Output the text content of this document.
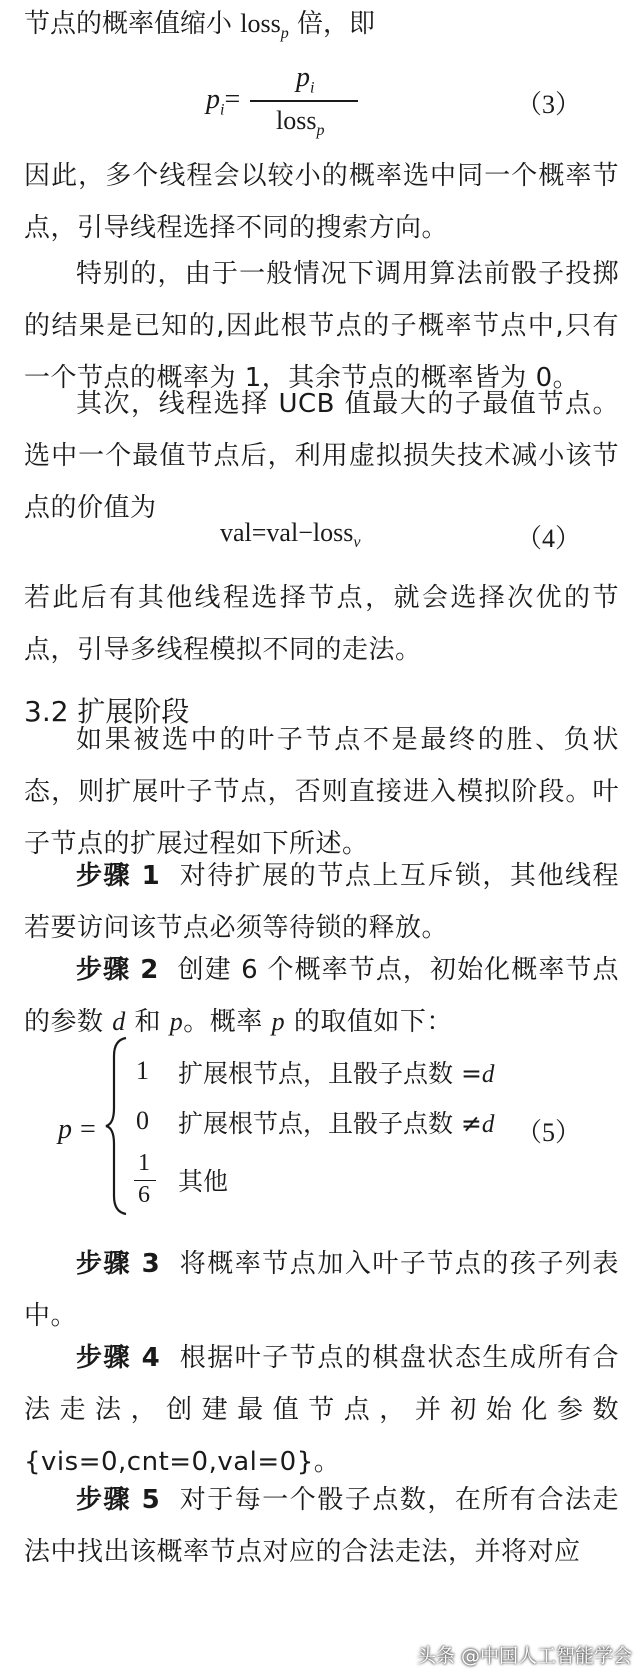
节点的概率值缩小 loss$_p$ 倍，即
$p_i=$
$p_i$
loss$_p$
（3）

因此，多个线程会以较小的概率选中同一个概率节点，引导线程选择不同的搜索方向。

特别的，由于一般情况下调用算法前骰子投掷的结果是已知的,因此根节点的子概率节点中,只有一个节点的概率为 1，其余节点的概率皆为 0。

其次，线程选择 UCB 值最大的子最值节点。选中一个最值节点后，利用虚拟损失技术减小该节点的价值为

val=val−loss$_v$	（4）

若此后有其他线程选择节点，就会选择次优的节点，引导多线程模拟不同的走法。

3.2 扩展阶段

如果被选中的叶子节点不是最终的胜、负状态，则扩展叶子节点，否则直接进入模拟阶段。叶子节点的扩展过程如下所述。

步骤 1 对待扩展的节点上互斥锁，其他线程若要访问该节点必须等待锁的释放。

步骤 2 创建 6 个概率节点，初始化概率节点的参数 d 和 p。概率 p 的取值如下：

p =
1 扩展根节点，且骰子点数 =d
0 扩展根节点，且骰子点数 ≠d
1
6 其他
（5）

步骤 3 将概率节点加入叶子节点的孩子列表中。

步骤 4 根据叶子节点的棋盘状态生成所有合法走法，创建最值节点，并初始化参数 {vis=0,cnt=0,val=0}。

步骤 5 对于每一个骰子点数，在所有合法走法中找出该概率节点对应的合法走法，并将对应

头条 @中国人工智能学会
